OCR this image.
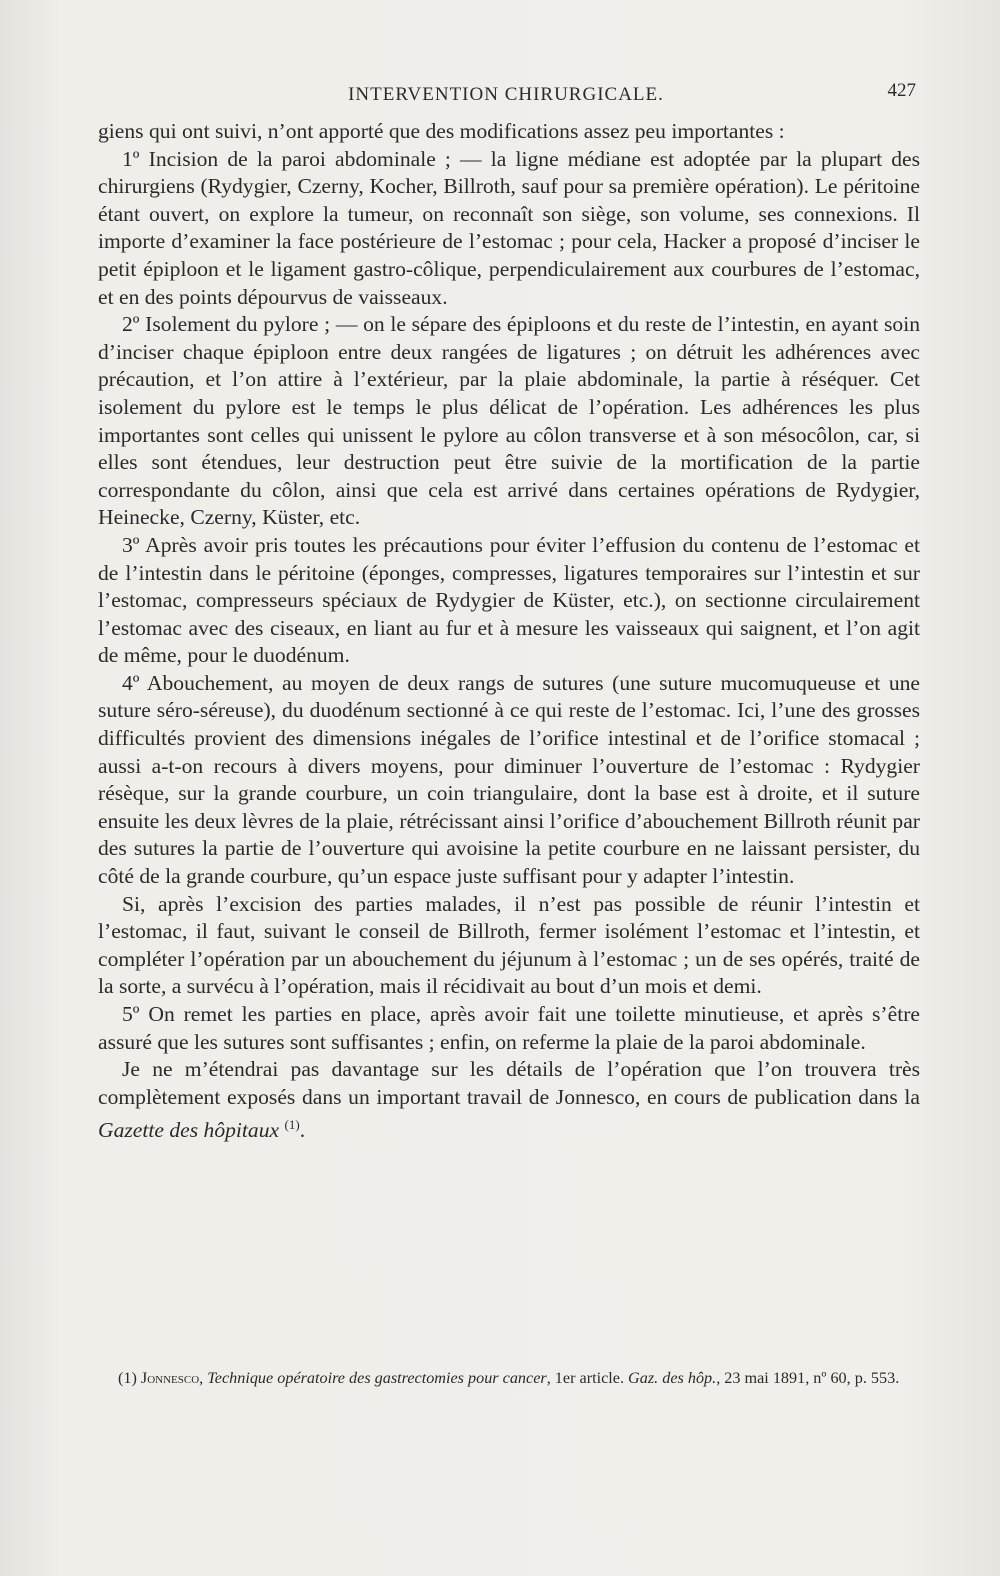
INTERVENTION CHIRURGICALE.	427

giens qui ont suivi, n’ont apporté que des modifications assez peu importantes :

1º Incision de la paroi abdominale ; — la ligne médiane est adoptée par la plupart des chirurgiens (Rydygier, Czerny, Kocher, Billroth, sauf pour sa première opération). Le péritoine étant ouvert, on explore la tumeur, on reconnaît son siège, son volume, ses connexions. Il importe d’examiner la face postérieure de l’estomac ; pour cela, Hacker a proposé d’inciser le petit épiploon et le ligament gastro-côlique, perpendiculairement aux courbures de l’estomac, et en des points dépourvus de vaisseaux.

2º Isolement du pylore ; — on le sépare des épiploons et du reste de l’intestin, en ayant soin d’inciser chaque épiploon entre deux rangées de ligatures ; on détruit les adhérences avec précaution, et l’on attire à l’extérieur, par la plaie abdominale, la partie à réséquer. Cet isolement du pylore est le temps le plus délicat de l’opération. Les adhérences les plus importantes sont celles qui unissent le pylore au côlon transverse et à son mésocôlon, car, si elles sont étendues, leur destruction peut être suivie de la mortification de la partie correspondante du côlon, ainsi que cela est arrivé dans certaines opérations de Rydygier, Heinecke, Czerny, Küster, etc.

3º Après avoir pris toutes les précautions pour éviter l’effusion du contenu de l’estomac et de l’intestin dans le péritoine (éponges, compresses, ligatures temporaires sur l’intestin et sur l’estomac, compresseurs spéciaux de Rydygier de Küster, etc.), on sectionne circulairement l’estomac avec des ciseaux, en liant au fur et à mesure les vaisseaux qui saignent, et l’on agit de même, pour le duodénum.

4º Abouchement, au moyen de deux rangs de sutures (une suture mucomuqueuse et une suture séro-séreuse), du duodénum sectionné à ce qui reste de l’estomac. Ici, l’une des grosses difficultés provient des dimensions inégales de l’orifice intestinal et de l’orifice stomacal ; aussi a-t-on recours à divers moyens, pour diminuer l’ouverture de l’estomac : Rydygier résèque, sur la grande courbure, un coin triangulaire, dont la base est à droite, et il suture ensuite les deux lèvres de la plaie, rétrécissant ainsi l’orifice d’abouchement Billroth réunit par des sutures la partie de l’ouverture qui avoisine la petite courbure en ne laissant persister, du côté de la grande courbure, qu’un espace juste suffisant pour y adapter l’intestin.

Si, après l’excision des parties malades, il n’est pas possible de réunir l’intestin et l’estomac, il faut, suivant le conseil de Billroth, fermer isolément l’estomac et l’intestin, et compléter l’opération par un abouchement du jéjunum à l’estomac ; un de ses opérés, traité de la sorte, a survécu à l’opération, mais il récidivait au bout d’un mois et demi.

5º On remet les parties en place, après avoir fait une toilette minutieuse, et après s’être assuré que les sutures sont suffisantes ; enfin, on referme la plaie de la paroi abdominale.

Je ne m’étendrai pas davantage sur les détails de l’opération que l’on trouvera très complètement exposés dans un important travail de Jonnesco, en cours de publication dans la Gazette des hôpitaux $^{(1)}$.

(1) Jonnesco, Technique opératoire des gastrectomies pour cancer, 1er article. Gaz. des hôp., 23 mai 1891, nº 60, p. 553.
